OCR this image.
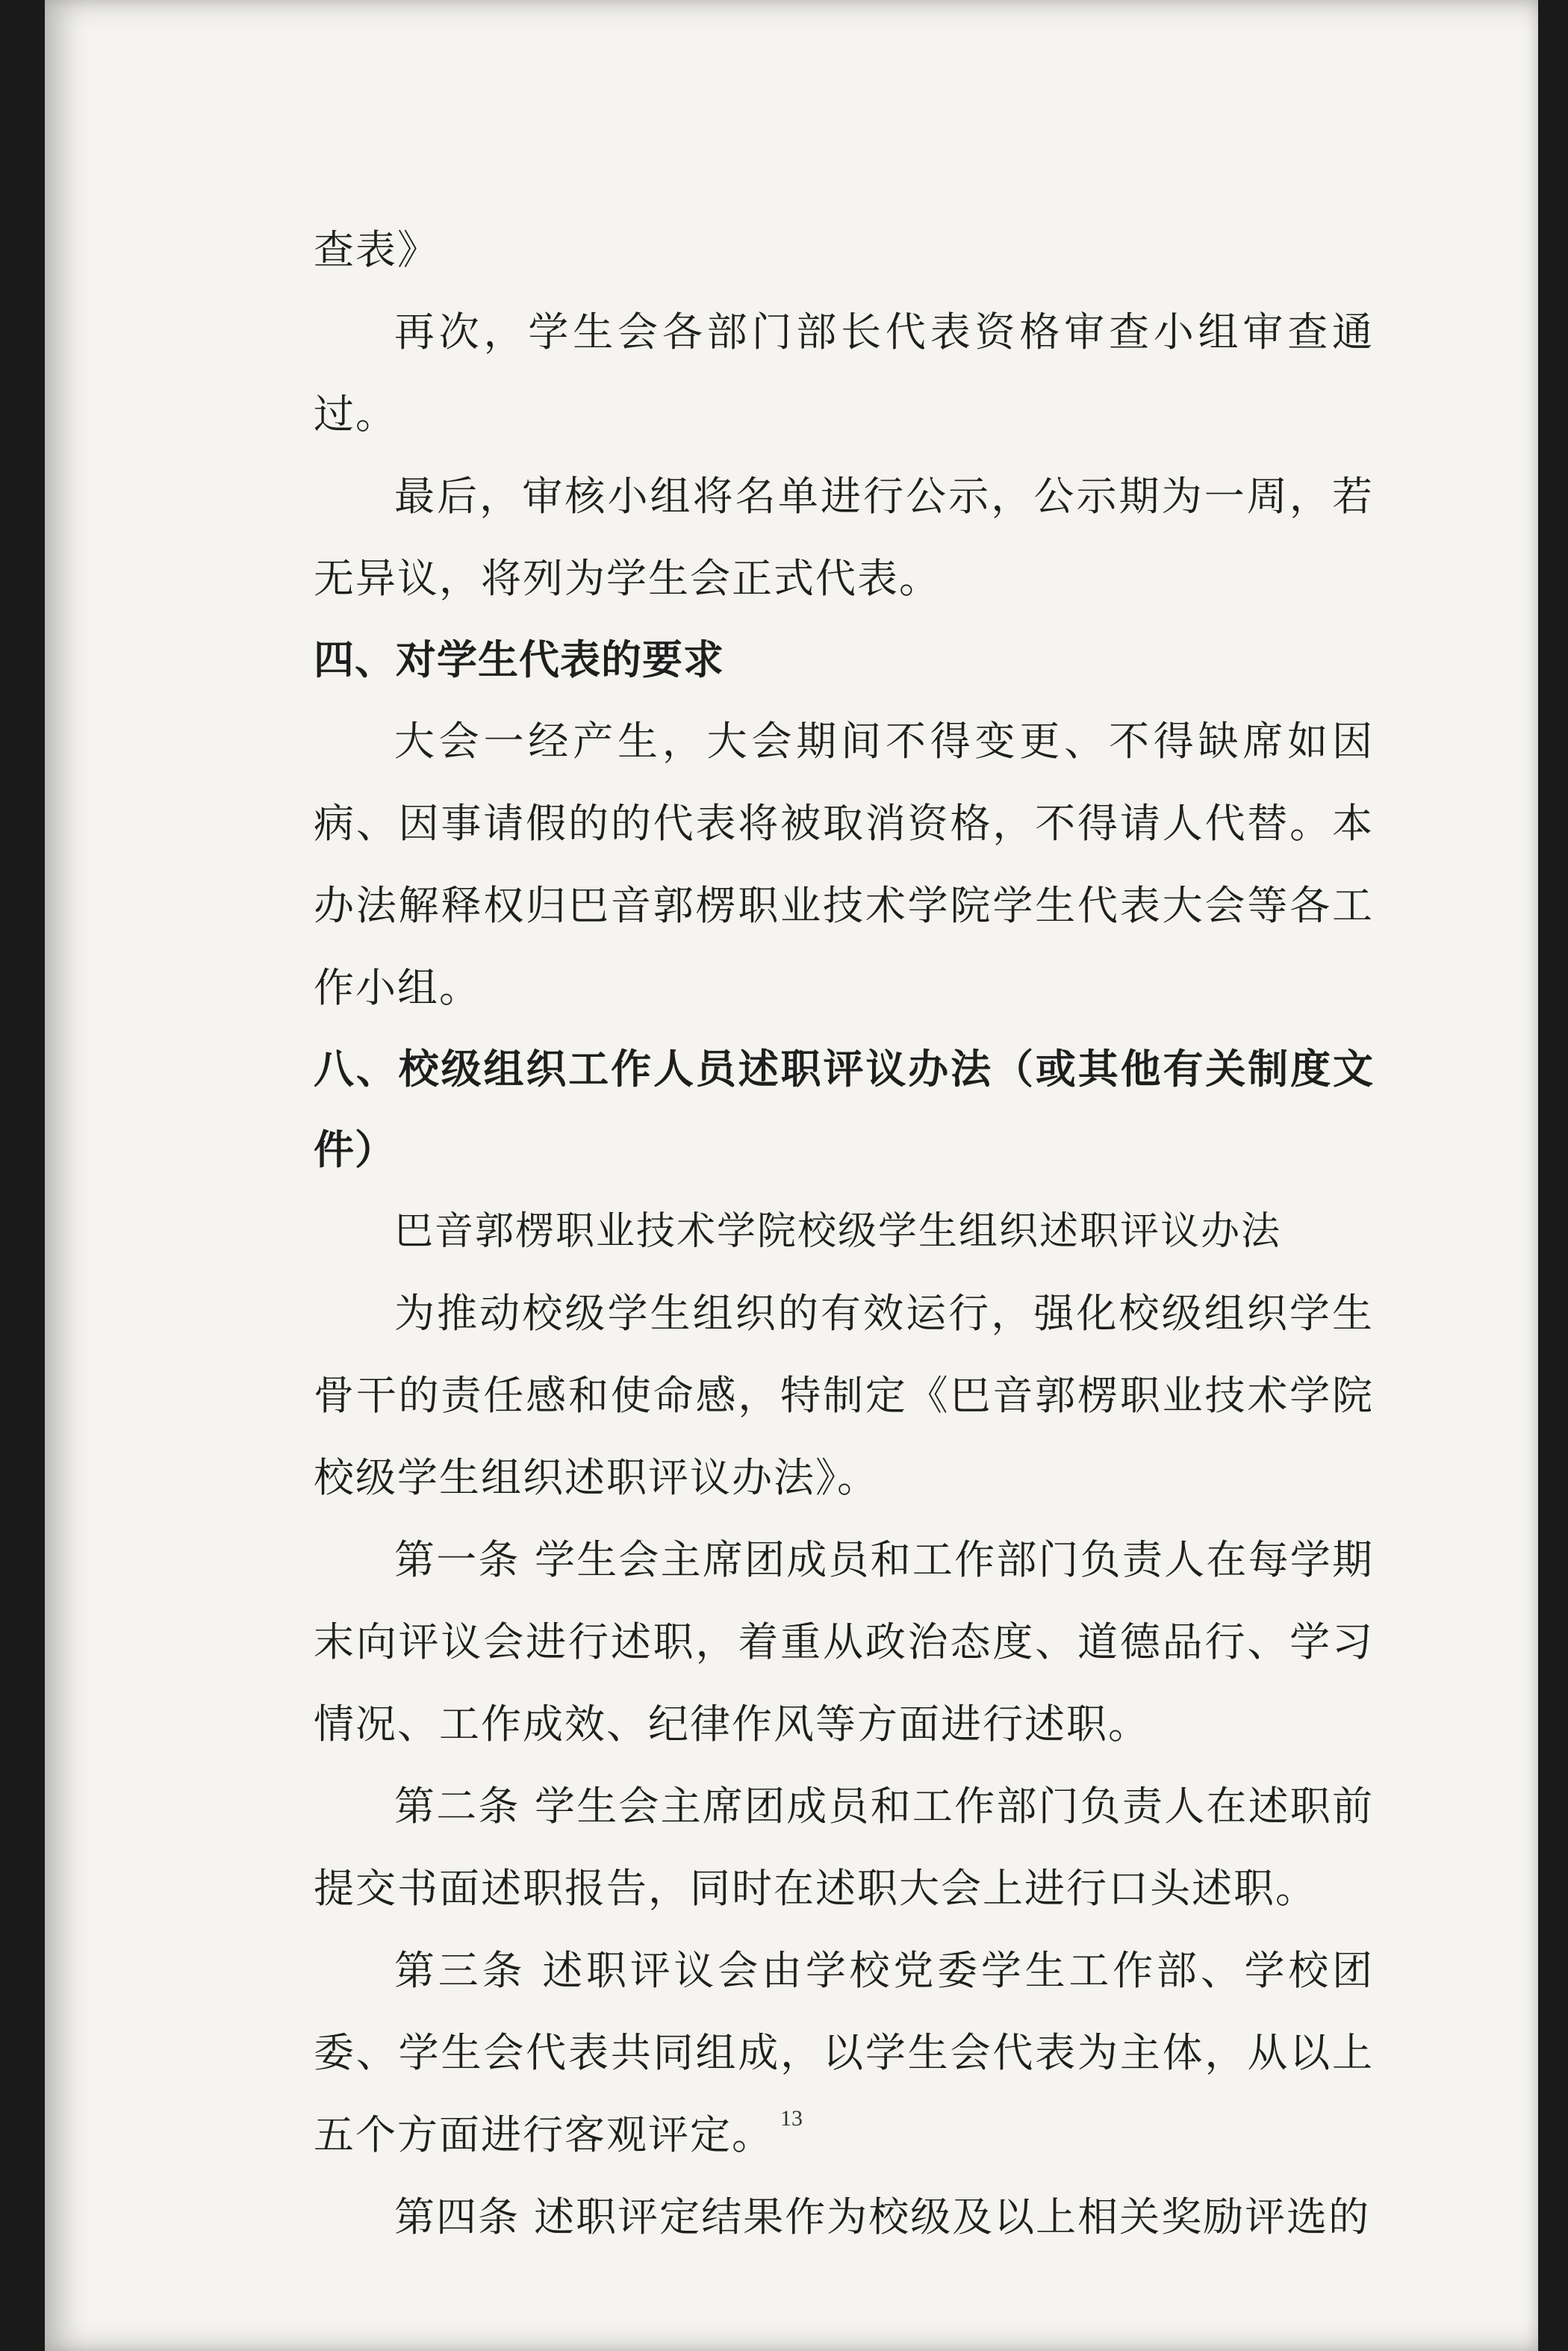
查表》

再次，学生会各部门部长代表资格审查小组审查通过。

最后，审核小组将名单进行公示，公示期为一周，若无异议，将列为学生会正式代表。

四、对学生代表的要求

大会一经产生，大会期间不得变更、不得缺席如因病、因事请假的的代表将被取消资格，不得请人代替。本办法解释权归巴音郭楞职业技术学院学生代表大会等各工作小组。

八、校级组织工作人员述职评议办法（或其他有关制度文件）

巴音郭楞职业技术学院校级学生组织述职评议办法

为推动校级学生组织的有效运行，强化校级组织学生骨干的责任感和使命感，特制定《巴音郭楞职业技术学院校级学生组织述职评议办法》。

第一条 学生会主席团成员和工作部门负责人在每学期末向评议会进行述职，着重从政治态度、道德品行、学习情况、工作成效、纪律作风等方面进行述职。

第二条 学生会主席团成员和工作部门负责人在述职前提交书面述职报告，同时在述职大会上进行口头述职。

第三条 述职评议会由学校党委学生工作部、学校团委、学生会代表共同组成，以学生会代表为主体，从以上五个方面进行客观评定。

第四条 述职评定结果作为校级及以上相关奖励评选的

13
